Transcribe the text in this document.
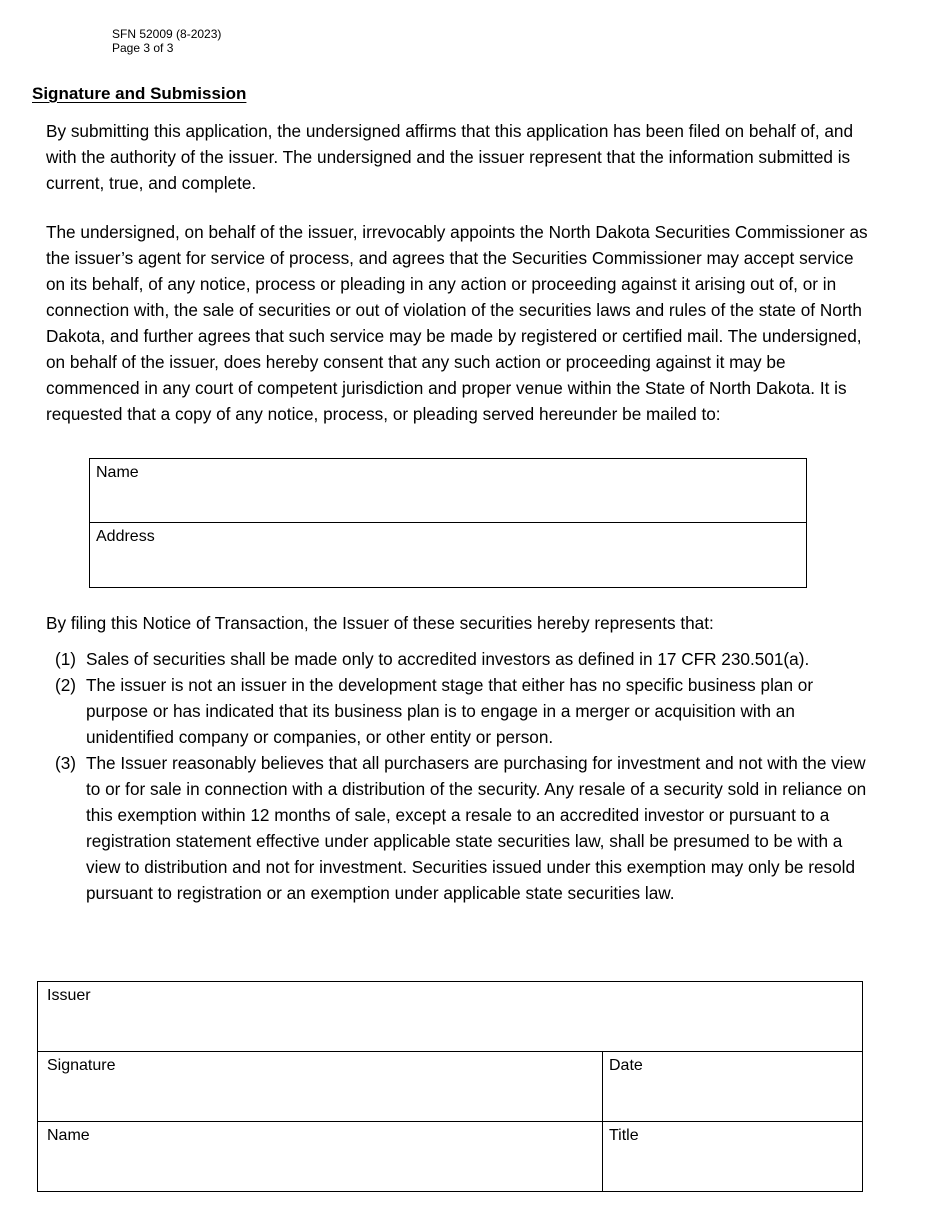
SFN 52009 (8-2023)
Page 3 of 3
Signature and Submission
By submitting this application, the undersigned affirms that this application has been filed on behalf of, and with the authority of the issuer. The undersigned and the issuer represent that the information submitted is current, true, and complete.
The undersigned, on behalf of the issuer, irrevocably appoints the North Dakota Securities Commissioner as the issuer’s agent for service of process, and agrees that the Securities Commissioner may accept service on its behalf, of any notice, process or pleading in any action or proceeding against it arising out of, or in connection with, the sale of securities or out of violation of the securities laws and rules of the state of North Dakota, and further agrees that such service may be made by registered or certified mail. The undersigned, on behalf of the issuer, does hereby consent that any such action or proceeding against it may be commenced in any court of competent jurisdiction and proper venue within the State of North Dakota. It is requested that a copy of any notice, process, or pleading served hereunder be mailed to:
Name
Address
By filing this Notice of Transaction, the Issuer of these securities hereby represents that:
(1) Sales of securities shall be made only to accredited investors as defined in 17 CFR 230.501(a).
(2) The issuer is not an issuer in the development stage that either has no specific business plan or purpose or has indicated that its business plan is to engage in a merger or acquisition with an unidentified company or companies, or other entity or person.
(3) The Issuer reasonably believes that all purchasers are purchasing for investment and not with the view to or for sale in connection with a distribution of the security. Any resale of a security sold in reliance on this exemption within 12 months of sale, except a resale to an accredited investor or pursuant to a registration statement effective under applicable state securities law, shall be presumed to be with a view to distribution and not for investment. Securities issued under this exemption may only be resold pursuant to registration or an exemption under applicable state securities law.
Issuer
Signature	Date
Name	Title
